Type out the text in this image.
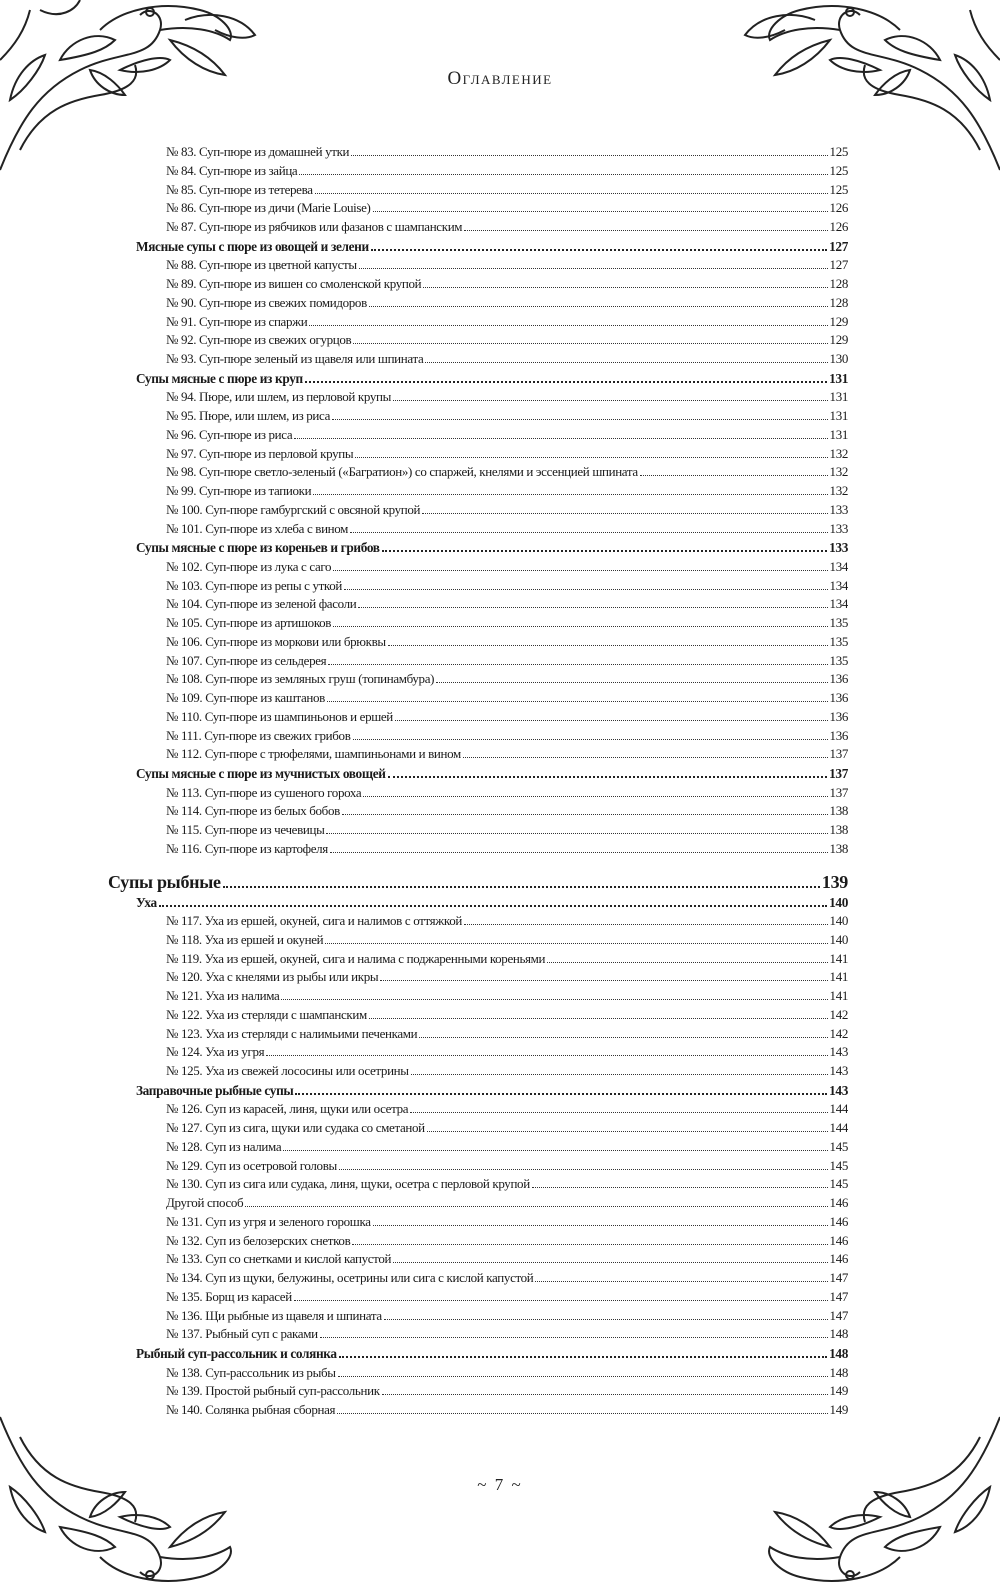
Оглавление
№ 83. Суп-пюре из домашней утки	125
№ 84. Суп-пюре из зайца	125
№ 85. Суп-пюре из тетерева	125
№ 86. Суп-пюре из дичи (Marie Louise)	126
№ 87. Суп-пюре из рябчиков или фазанов с шампанским	126
Мясные супы с пюре из овощей и зелени	127
№ 88. Суп-пюре из цветной капусты	127
№ 89. Суп-пюре из вишен со смоленской крупой	128
№ 90. Суп-пюре из свежих помидоров	128
№ 91. Суп-пюре из спаржи	129
№ 92. Суп-пюре из свежих огурцов	129
№ 93. Суп-пюре зеленый из щавеля или шпината	130
Супы мясные с пюре из круп	131
№ 94. Пюре, или шлем, из перловой крупы	131
№ 95. Пюре, или шлем, из риса	131
№ 96. Суп-пюре из риса	131
№ 97. Суп-пюре из перловой крупы	132
№ 98. Суп-пюре светло-зеленый («Багратион») со спаржей, кнелями и эссенцией шпината	132
№ 99. Суп-пюре из тапиоки	132
№ 100. Суп-пюре гамбургский с овсяной крупой	133
№ 101. Суп-пюре из хлеба с вином	133
Супы мясные с пюре из кореньев и грибов	133
№ 102. Суп-пюре из лука с саго	134
№ 103. Суп-пюре из репы с уткой	134
№ 104. Суп-пюре из зеленой фасоли	134
№ 105. Суп-пюре из артишоков	135
№ 106. Суп-пюре из моркови или брюквы	135
№ 107. Суп-пюре из сельдерея	135
№ 108. Суп-пюре из земляных груш (топинамбура)	136
№ 109. Суп-пюре из каштанов	136
№ 110. Суп-пюре из шампиньонов и ершей	136
№ 111. Суп-пюре из свежих грибов	136
№ 112. Суп-пюре с трюфелями, шампиньонами и вином	137
Супы мясные с пюре из мучнистых овощей	137
№ 113. Суп-пюре из сушеного гороха	137
№ 114. Суп-пюре из белых бобов	138
№ 115. Суп-пюре из чечевицы	138
№ 116. Суп-пюре из картофеля	138
Супы рыбные	139
Уха	140
№ 117. Уха из ершей, окуней, сига и налимов с оттяжкой	140
№ 118. Уха из ершей и окуней	140
№ 119. Уха из ершей, окуней, сига и налима с поджаренными кореньями	141
№ 120. Уха с кнелями из рыбы или икры	141
№ 121. Уха из налима	141
№ 122. Уха из стерляди с шампанским	142
№ 123. Уха из стерляди с налимьими печенками	142
№ 124. Уха из угря	143
№ 125. Уха из свежей лососины или осетрины	143
Заправочные рыбные супы	143
№ 126. Суп из карасей, линя, щуки или осетра	144
№ 127. Суп из сига, щуки или судака со сметаной	144
№ 128. Суп из налима	145
№ 129. Суп из осетровой головы	145
№ 130. Суп из сига или судака, линя, щуки, осетра с перловой крупой	145
Другой способ	146
№ 131. Суп из угря и зеленого горошка	146
№ 132. Суп из белозерских снетков	146
№ 133. Суп со снетками и кислой капустой	146
№ 134. Суп из щуки, белужины, осетрины или сига с кислой капустой	147
№ 135. Борщ из карасей	147
№ 136. Щи рыбные из щавеля и шпината	147
№ 137. Рыбный суп с раками	148
Рыбный суп-рассольник и солянка	148
№ 138. Суп-рассольник из рыбы	148
№ 139. Простой рыбный суп-рассольник	149
№ 140. Солянка рыбная сборная	149
~ 7 ~
